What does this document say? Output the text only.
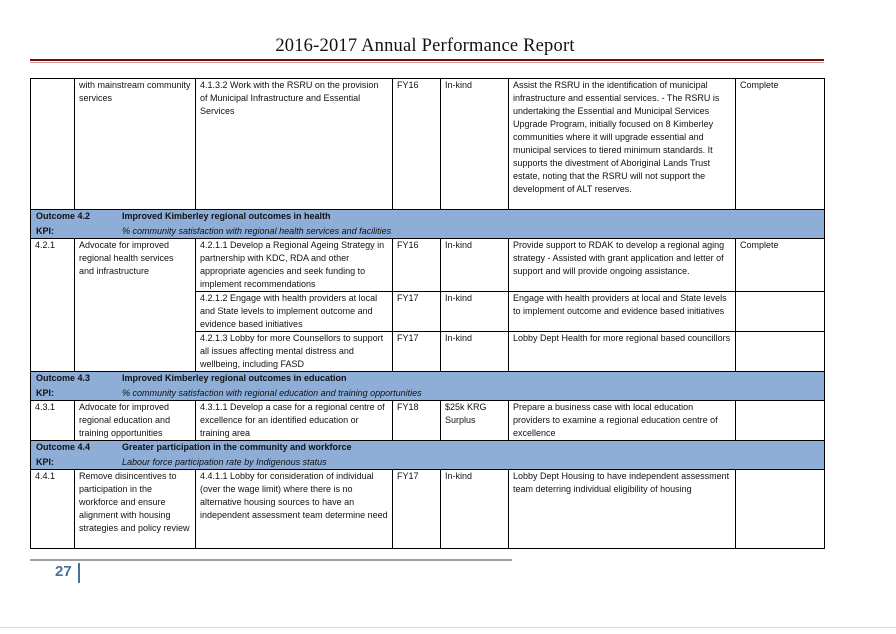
2016-2017 Annual Performance Report
	with mainstream community services	4.1.3.2 Work with the RSRU on the provision of Municipal Infrastructure and Essential Services	FY16	In-kind	Assist the RSRU in the identification of municipal infrastructure and essential services. - The RSRU is undertaking the Essential and Municipal Services Upgrade Program, initially focused on 8 Kimberley communities where it will upgrade essential and municipal services to tiered minimum standards. It supports the divestment of Aboriginal Lands Trust estate, noting that the RSRU will not support the development of ALT reserves.	Complete
Outcome 4.2 Improved Kimberley regional outcomes in health						
KPI: % community satisfaction with regional health services and facilities						
4.2.1	Advocate for improved regional health services and infrastructure	4.2.1.1 Develop a Regional Ageing Strategy in partnership with KDC, RDA and other appropriate agencies and seek funding to implement recommendations	FY16	In-kind	Provide support to RDAK to develop a regional aging strategy - Assisted with grant application and letter of support and will provide ongoing assistance.	Complete
		4.2.1.2 Engage with health providers at local and State levels to implement outcome and evidence based initiatives	FY17	In-kind	Engage with health providers at local and State levels to implement outcome and evidence based initiatives	
		4.2.1.3 Lobby for more Counsellors to support all issues affecting mental distress and wellbeing, including FASD	FY17	In-kind	Lobby Dept Health for more regional based councillors	
Outcome 4.3 Improved Kimberley regional outcomes in education						
KPI: % community satisfaction with regional education and training opportunities						
4.3.1	Advocate for improved regional education and training opportunities	4.3.1.1 Develop a case for a regional centre of excellence for an identified education or training area	FY18	$25k KRG Surplus	Prepare a business case with local education providers to examine a regional education centre of excellence	
Outcome 4.4 Greater participation in the community and workforce						
KPI: Labour force participation rate by Indigenous status						
4.4.1	Remove disincentives to participation in the workforce and ensure alignment with housing strategies and policy review	4.4.1.1 Lobby for consideration of individual (over the wage limit) where there is no alternative housing sources to have an independent assessment team determine need	FY17	In-kind	Lobby Dept Housing to have independent assessment team deterring individual eligibility of housing	
27
